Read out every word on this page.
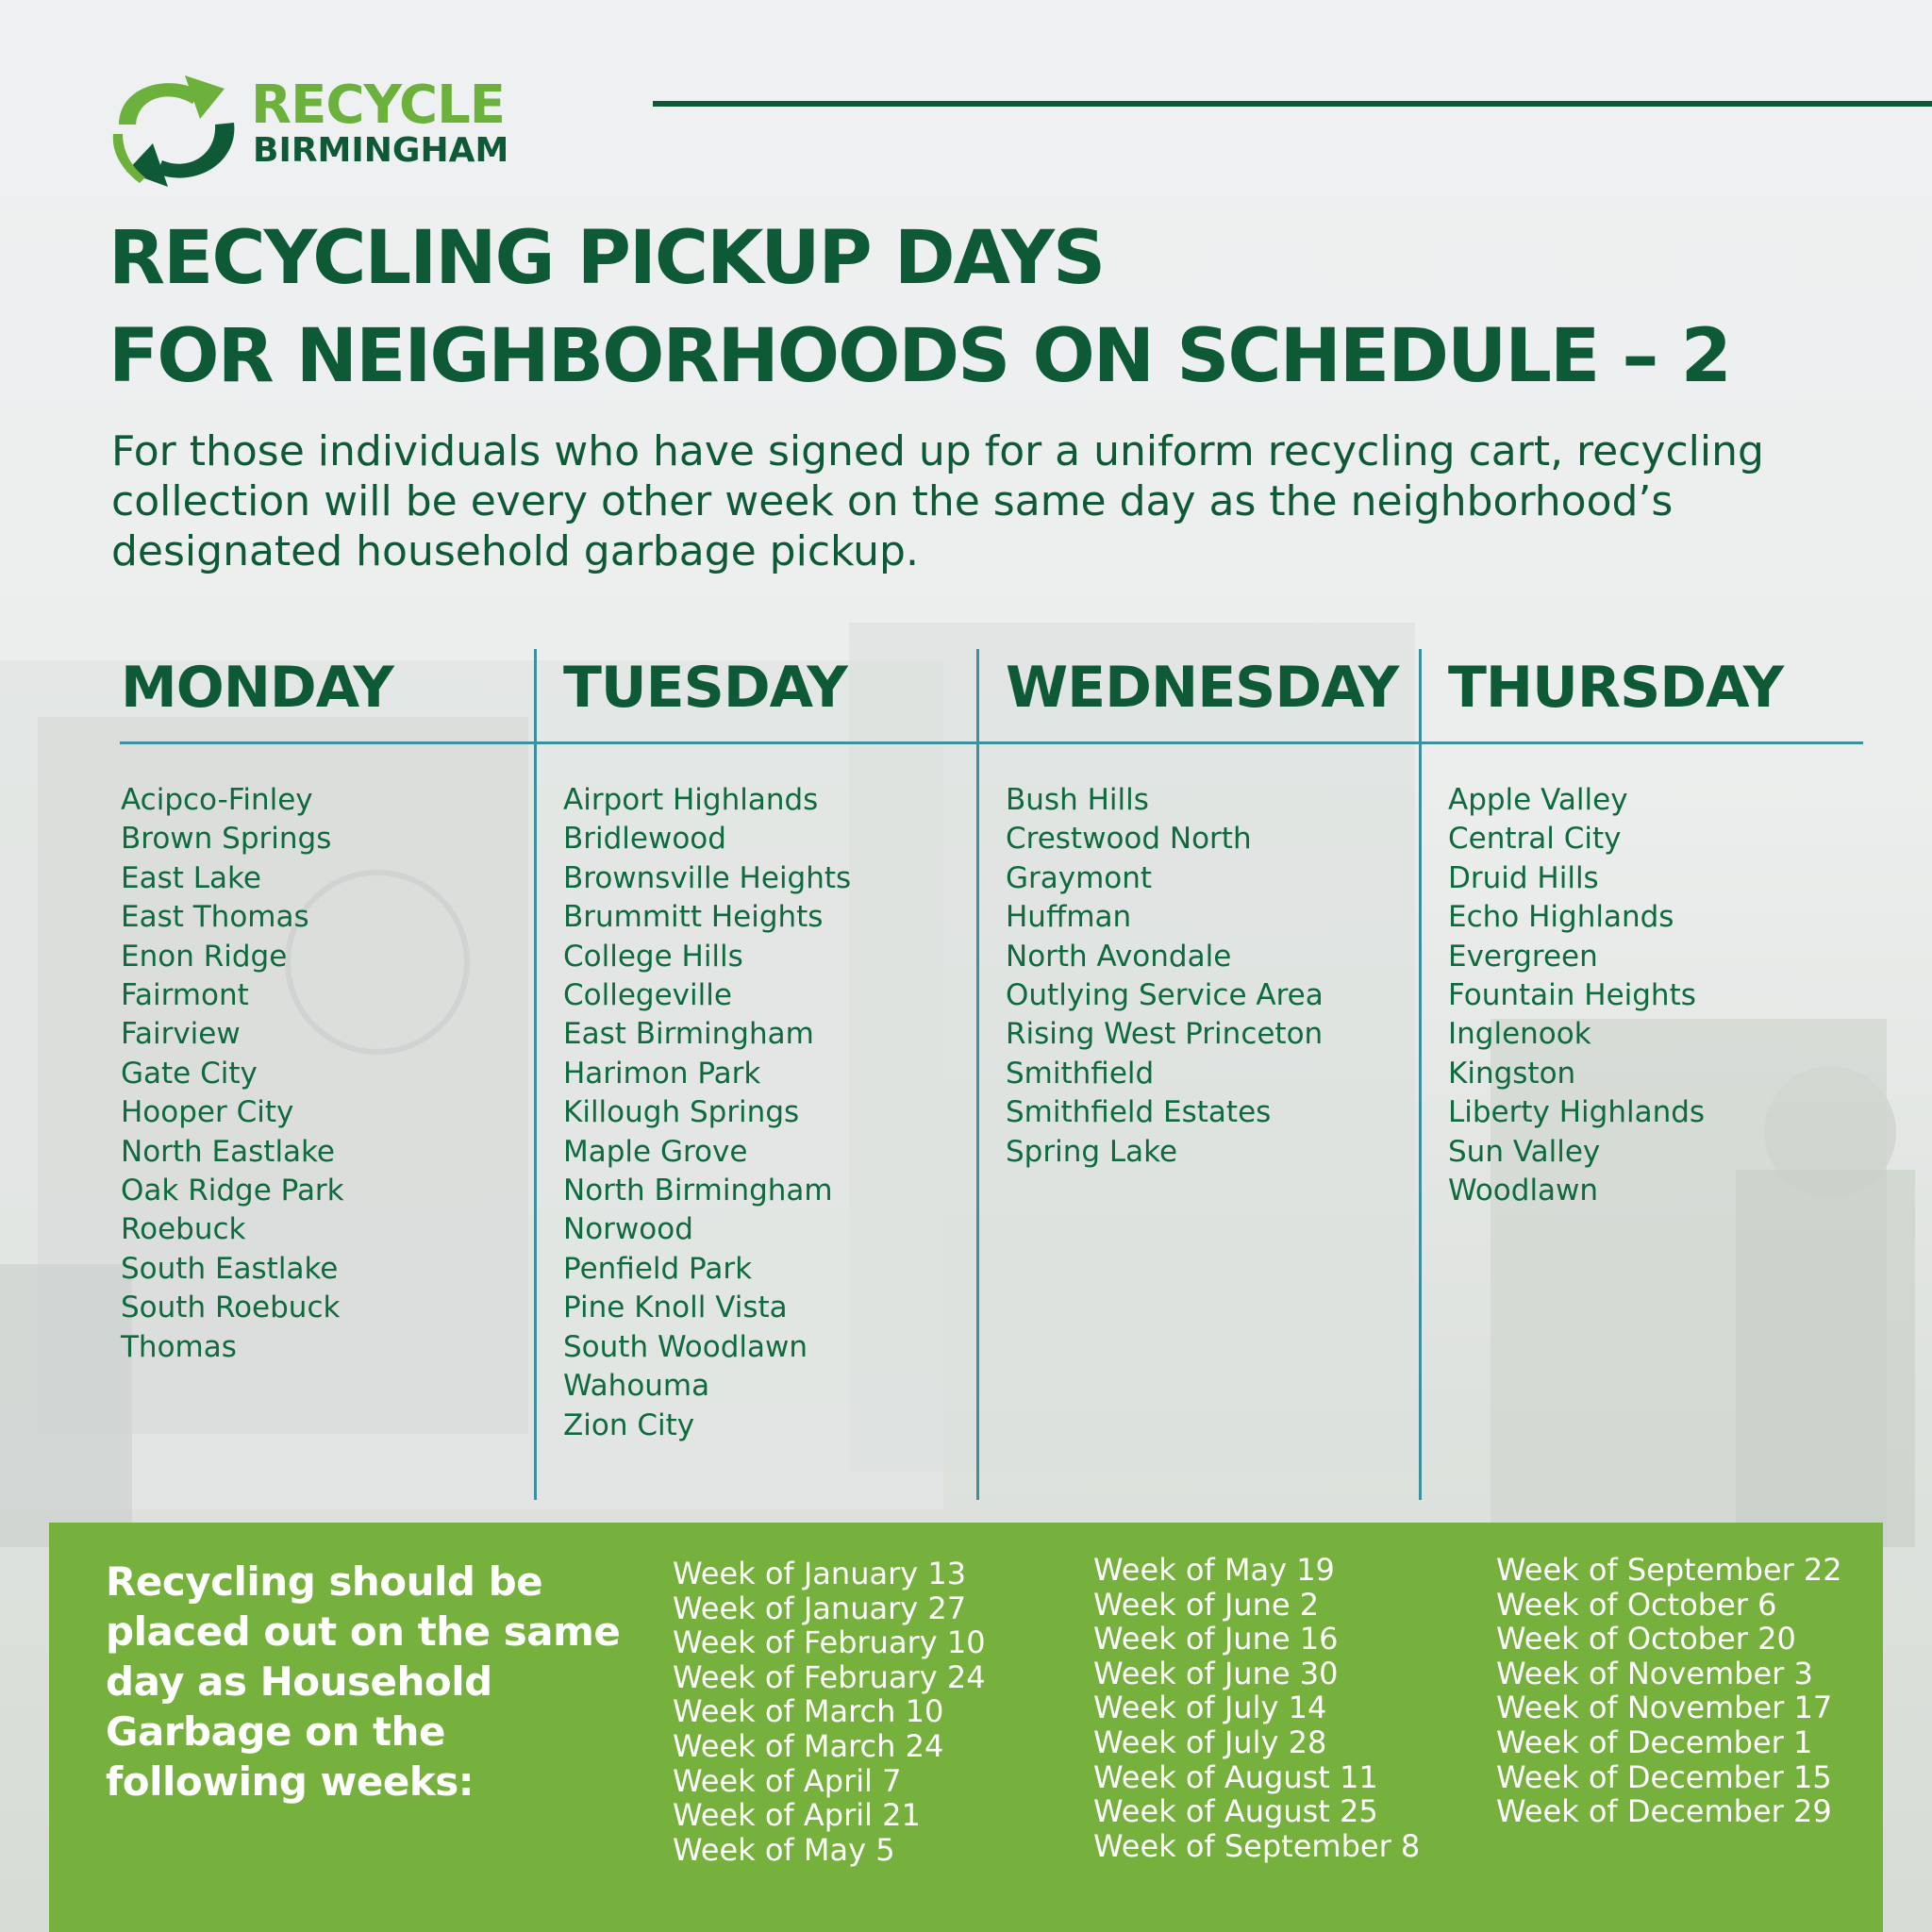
RECYCLE
BIRMINGHAM
RECYCLING PICKUP DAYS
FOR NEIGHBORHOODS ON SCHEDULE – 2

For those individuals who have signed up for a uniform recycling cart, recycling collection will be every other week on the same day as the neighborhood’s designated household garbage pickup.

MONDAY
Acipco-Finley
Brown Springs
East Lake
East Thomas
Enon Ridge
Fairmont
Fairview
Gate City
Hooper City
North Eastlake
Oak Ridge Park
Roebuck
South Eastlake
South Roebuck
Thomas
TUESDAY
Airport Highlands
Bridlewood
Brownsville Heights
Brummitt Heights
College Hills
Collegeville
East Birmingham
Harimon Park
Killough Springs
Maple Grove
North Birmingham
Norwood
Penfield Park
Pine Knoll Vista
South Woodlawn
Wahouma
Zion City
WEDNESDAY
Bush Hills
Crestwood North
Graymont
Huffman
North Avondale
Outlying Service Area
Rising West Princeton
Smithfield
Smithfield Estates
Spring Lake
THURSDAY
Apple Valley
Central City
Druid Hills
Echo Highlands
Evergreen
Fountain Heights
Inglenook
Kingston
Liberty Highlands
Sun Valley
Woodlawn

Recycling should be placed out on the same day as Household Garbage on the following weeks:

Week of January 13
Week of January 27
Week of February 10
Week of February 24
Week of March 10
Week of March 24
Week of April 7
Week of April 21
Week of May 5
Week of May 19
Week of June 2
Week of June 16
Week of June 30
Week of July 14
Week of July 28
Week of August 11
Week of August 25
Week of September 8
Week of September 22
Week of October 6
Week of October 20
Week of November 3
Week of November 17
Week of December 1
Week of December 15
Week of December 29
